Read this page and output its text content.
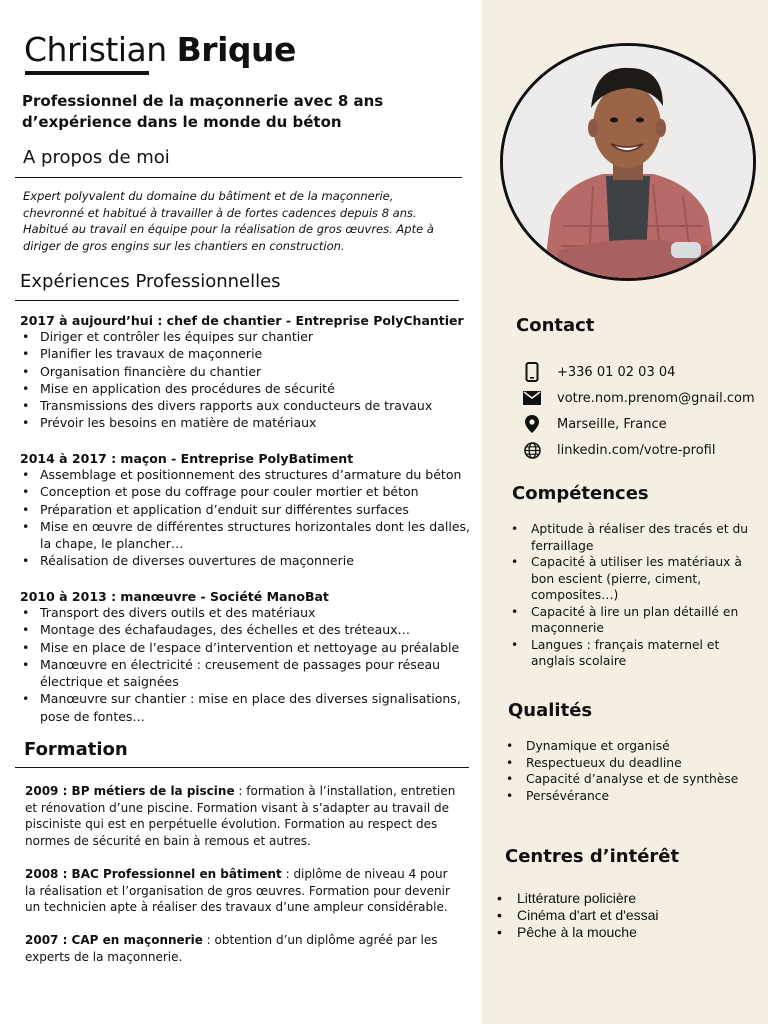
Christian Brique
Professionnel de la maçonnerie avec 8 ans
d’expérience dans le monde du béton
A propos de moi
Expert polyvalent du domaine du bâtiment et de la maçonnerie, chevronné et habitué à travailler à de fortes cadences depuis 8 ans. Habitué au travail en équipe pour la réalisation de gros œuvres. Apte à diriger de gros engins sur les chantiers en construction.
Expériences Professionnelles
2017 à aujourd’hui : chef de chantier - Entreprise PolyChantier
• Diriger et contrôler les équipes sur chantier
• Planifier les travaux de maçonnerie
• Organisation financière du chantier
• Mise en application des procédures de sécurité
• Transmissions des divers rapports aux conducteurs de travaux
• Prévoir les besoins en matière de matériaux
2014 à 2017 : maçon - Entreprise PolyBatiment
• Assemblage et positionnement des structures d’armature du béton
• Conception et pose du coffrage pour couler mortier et béton
• Préparation et application d’enduit sur différentes surfaces
• Mise en œuvre de différentes structures horizontales dont les dalles, la chape, le plancher…
• Réalisation de diverses ouvertures de maçonnerie
2010 à 2013 : manœuvre - Société ManoBat
• Transport des divers outils et des matériaux
• Montage des échafaudages, des échelles et des tréteaux…
• Mise en place de l’espace d’intervention et nettoyage au préalable
• Manœuvre en électricité : creusement de passages pour réseau électrique et saignées
• Manœuvre sur chantier : mise en place des diverses signalisations, pose de fontes…
Formation
2009 : BP métiers de la piscine : formation à l’installation, entretien et rénovation d’une piscine. Formation visant à s’adapter au travail de pisciniste qui est en perpétuelle évolution. Formation au respect des normes de sécurité en bain à remous et autres.
2008 : BAC Professionnel en bâtiment : diplôme de niveau 4 pour la réalisation et l’organisation de gros œuvres. Formation pour devenir un technicien apte à réaliser des travaux d’une ampleur considérable.
2007 : CAP en maçonnerie : obtention d’un diplôme agréé par les experts de la maçonnerie.
Contact
+336 01 02 03 04
votre.nom.prenom@gnail.com
Marseille, France
linkedin.com/votre-profil
Compétences
• Aptitude à réaliser des tracés et du ferraillage
• Capacité à utiliser les matériaux à bon escient (pierre, ciment, composites…)
• Capacité à lire un plan détaillé en maçonnerie
• Langues : français maternel et anglais scolaire
Qualités
• Dynamique et organisé
• Respectueux du deadline
• Capacité d’analyse et de synthèse
• Persévérance
Centres d’intérêt
• Littérature policière
• Cinéma d'art et d'essai
• Pêche à la mouche
